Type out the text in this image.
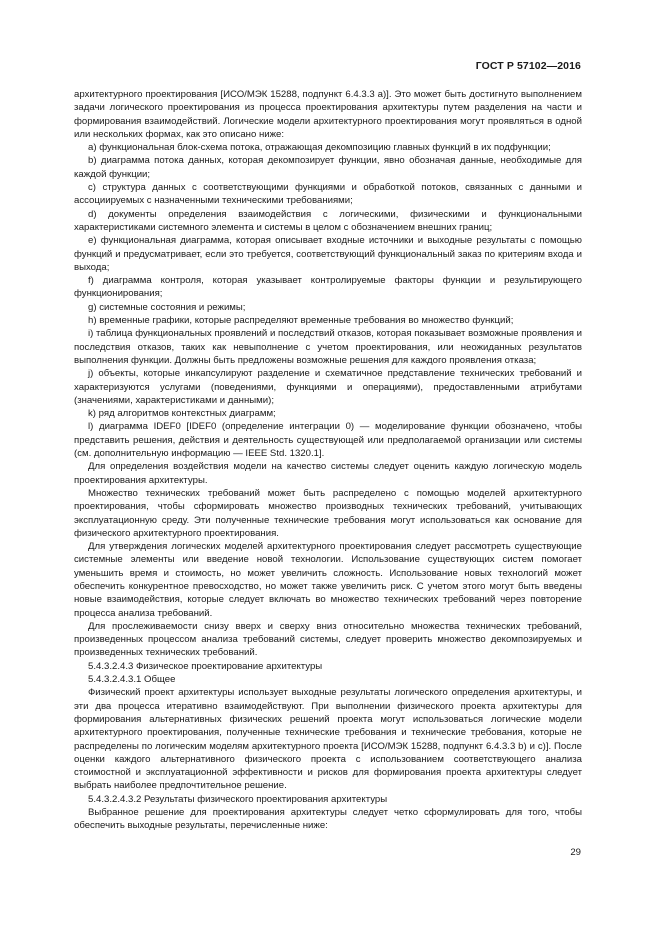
ГОСТ Р 57102—2016

архитектурного проектирования [ИСО/МЭК 15288, подпункт 6.4.3.3 a)]. Это может быть достигнуто выполнением задачи логического проектирования из процесса проектирования архитектуры путем разделения на части и формирования взаимодействий. Логические модели архитектурного проектирования могут проявляться в одной или нескольких формах, как это описано ниже:

а) функциональная блок-схема потока, отражающая декомпозицию главных функций в их подфункции;

b) диаграмма потока данных, которая декомпозирует функции, явно обозначая данные, необходимые для каждой функции;

c) структура данных с соответствующими функциями и обработкой потоков, связанных с данными и ассоциируемых с назначенными техническими требованиями;

d) документы определения взаимодействия с логическими, физическими и функциональными характеристиками системного элемента и системы в целом с обозначением внешних границ;

e) функциональная диаграмма, которая описывает входные источники и выходные результаты с помощью функций и предусматривает, если это требуется, соответствующий функциональный заказ по критериям входа и выхода;

f) диаграмма контроля, которая указывает контролируемые факторы функции и результирующего функционирования;

g) системные состояния и режимы;

h) временные графики, которые распределяют временные требования во множество функций;

i) таблица функциональных проявлений и последствий отказов, которая показывает возможные проявления и последствия отказов, таких как невыполнение с учетом проектирования, или неожиданных результатов выполнения функции. Должны быть предложены возможные решения для каждого проявления отказа;

j) объекты, которые инкапсулируют разделение и схематичное представление технических требований и характеризуются услугами (поведениями, функциями и операциями), предоставленными атрибутами (значениями, характеристиками и данными);

k) ряд алгоритмов контекстных диаграмм;

l) диаграмма IDEF0 [IDEF0 (определение интеграции 0) — моделирование функции обозначено, чтобы представить решения, действия и деятельность существующей или предполагаемой организации или системы (см. дополнительную информацию — IEEE Std. 1320.1].

Для определения воздействия модели на качество системы следует оценить каждую логическую модель проектирования архитектуры.

Множество технических требований может быть распределено с помощью моделей архитектурного проектирования, чтобы сформировать множество производных технических требований, учитывающих эксплуатационную среду. Эти полученные технические требования могут использоваться как основание для физического архитектурного проектирования.

Для утверждения логических моделей архитектурного проектирования следует рассмотреть существующие системные элементы или введение новой технологии. Использование существующих систем помогает уменьшить время и стоимость, но может увеличить сложность. Использование новых технологий может обеспечить конкурентное превосходство, но может также увеличить риск. С учетом этого могут быть введены новые взаимодействия, которые следует включать во множество технических требований через повторение процесса анализа требований.

Для прослеживаемости снизу вверх и сверху вниз относительно множества технических требований, произведенных процессом анализа требований системы, следует проверить множество декомпозируемых и произведенных технических требований.

5.4.3.2.4.3 Физическое проектирование архитектуры

5.4.3.2.4.3.1 Общее

Физический проект архитектуры использует выходные результаты логического определения архитектуры, и эти два процесса итеративно взаимодействуют. При выполнении физического проекта архитектуры для формирования альтернативных физических решений проекта могут использоваться логические модели архитектурного проектирования, полученные технические требования и технические требования, которые не распределены по логическим моделям архитектурного проекта [ИСО/МЭК 15288, подпункт 6.4.3.3 b) и c)]. После оценки каждого альтернативного физического проекта с использованием соответствующего анализа стоимостной и эксплуатационной эффективности и рисков для формирования проекта архитектуры следует выбрать наиболее предпочтительное решение.

5.4.3.2.4.3.2 Результаты физического проектирования архитектуры

Выбранное решение для проектирования архитектуры следует четко сформулировать для того, чтобы обеспечить выходные результаты, перечисленные ниже:

29
